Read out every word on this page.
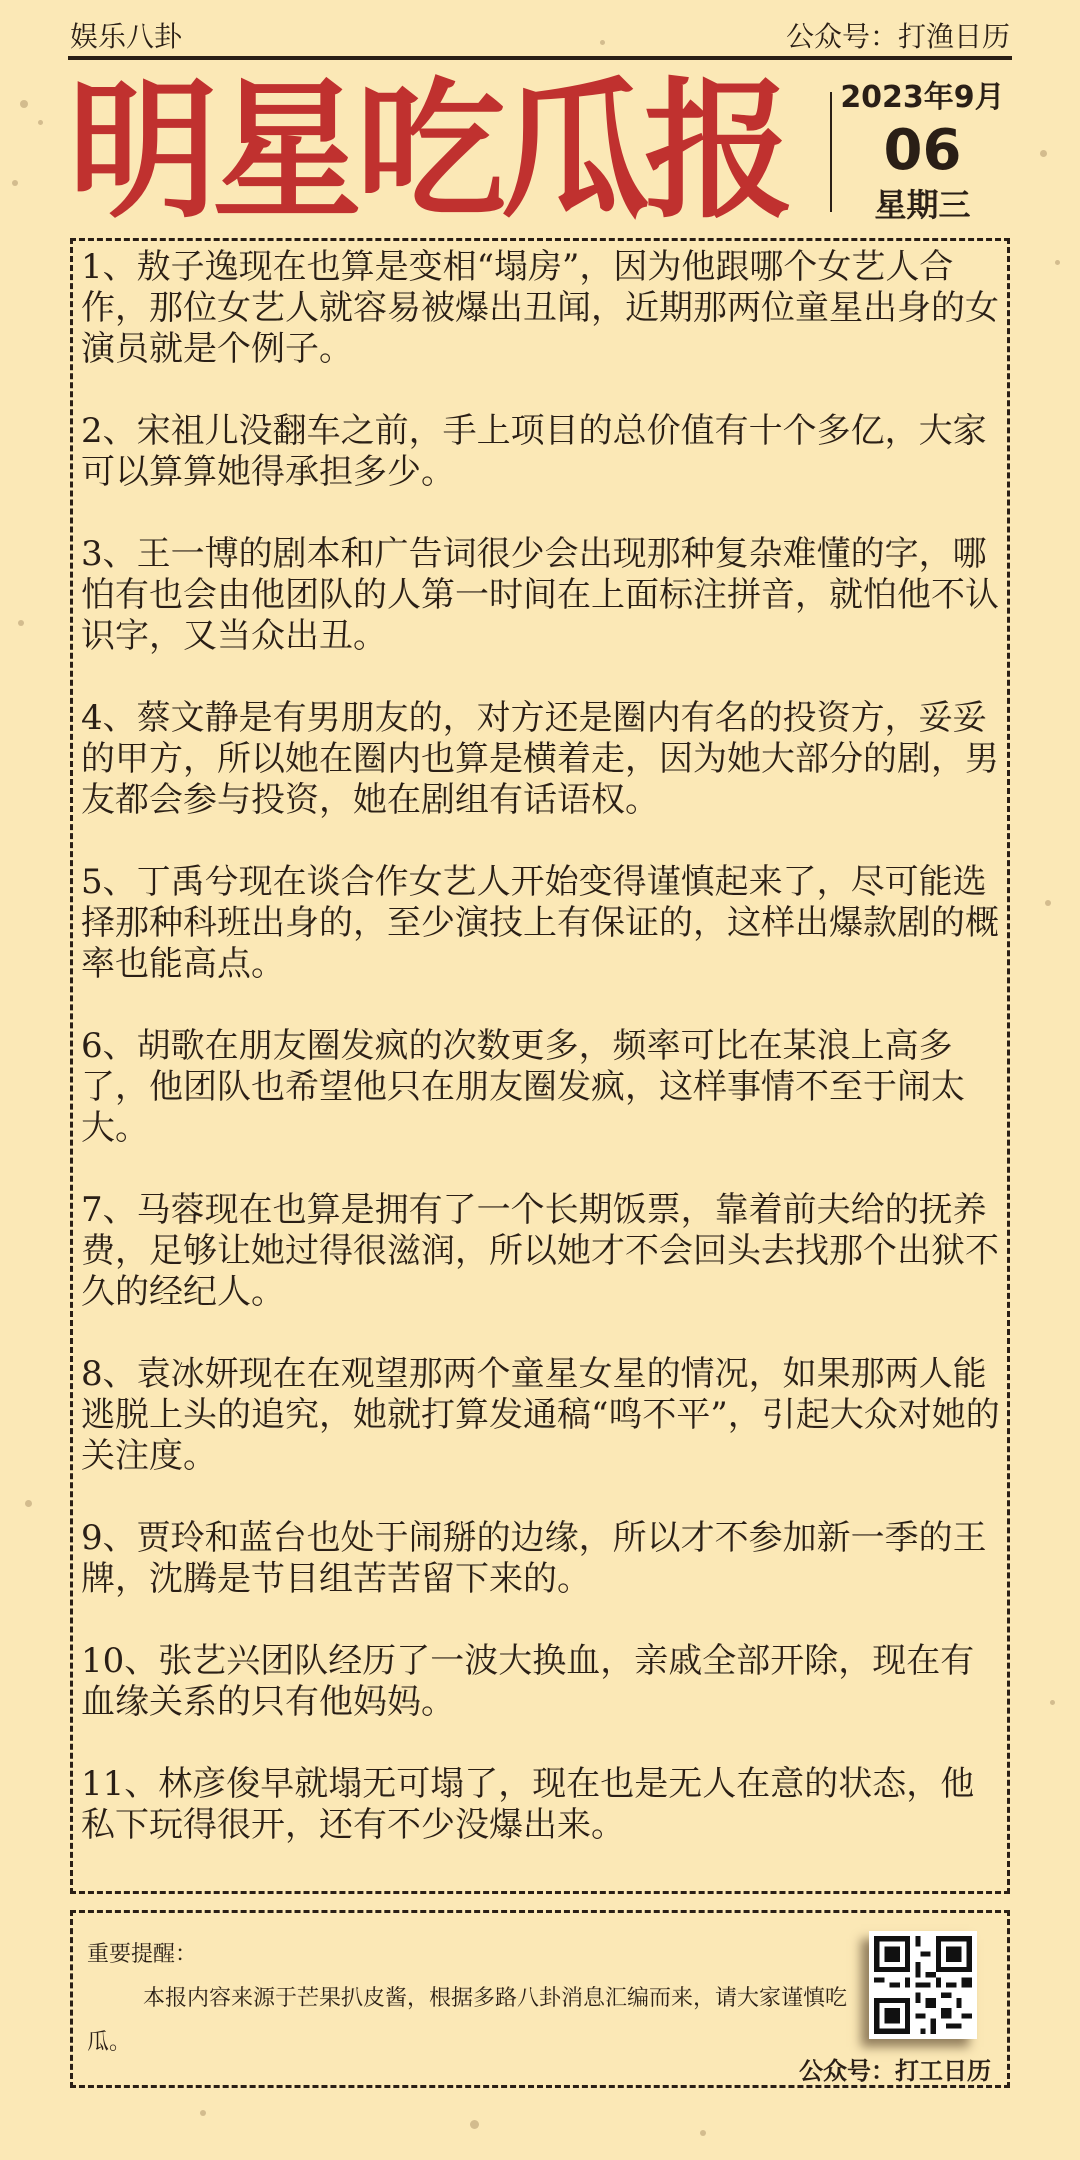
娱乐八卦	公众号：打渔日历
明星吃瓜报	2023年9月
06
星期三

1、敖子逸现在也算是变相“塌房”，因为他跟哪个女艺人合作，那位女艺人就容易被爆出丑闻，近期那两位童星出身的女演员就是个例子。

2、宋祖儿没翻车之前，手上项目的总价值有十个多亿，大家可以算算她得承担多少。

3、王一博的剧本和广告词很少会出现那种复杂难懂的字，哪怕有也会由他团队的人第一时间在上面标注拼音，就怕他不认识字，又当众出丑。

4、蔡文静是有男朋友的，对方还是圈内有名的投资方，妥妥的甲方，所以她在圈内也算是横着走，因为她大部分的剧，男友都会参与投资，她在剧组有话语权。

5、丁禹兮现在谈合作女艺人开始变得谨慎起来了，尽可能选择那种科班出身的，至少演技上有保证的，这样出爆款剧的概率也能高点。

6、胡歌在朋友圈发疯的次数更多，频率可比在某浪上高多了，他团队也希望他只在朋友圈发疯，这样事情不至于闹太大。

7、马蓉现在也算是拥有了一个长期饭票，靠着前夫给的抚养费，足够让她过得很滋润，所以她才不会回头去找那个出狱不久的经纪人。

8、袁冰妍现在在观望那两个童星女星的情况，如果那两人能逃脱上头的追究，她就打算发通稿“鸣不平”，引起大众对她的关注度。

9、贾玲和蓝台也处于闹掰的边缘，所以才不参加新一季的王牌，沈腾是节目组苦苦留下来的。

10、张艺兴团队经历了一波大换血，亲戚全部开除，现在有血缘关系的只有他妈妈。

11、林彦俊早就塌无可塌了，现在也是无人在意的状态，他私下玩得很开，还有不少没爆出来。

重要提醒：
本报内容来源于芒果扒皮酱，根据多路八卦消息汇编而来，请大家谨慎吃瓜。
公众号：打工日历
